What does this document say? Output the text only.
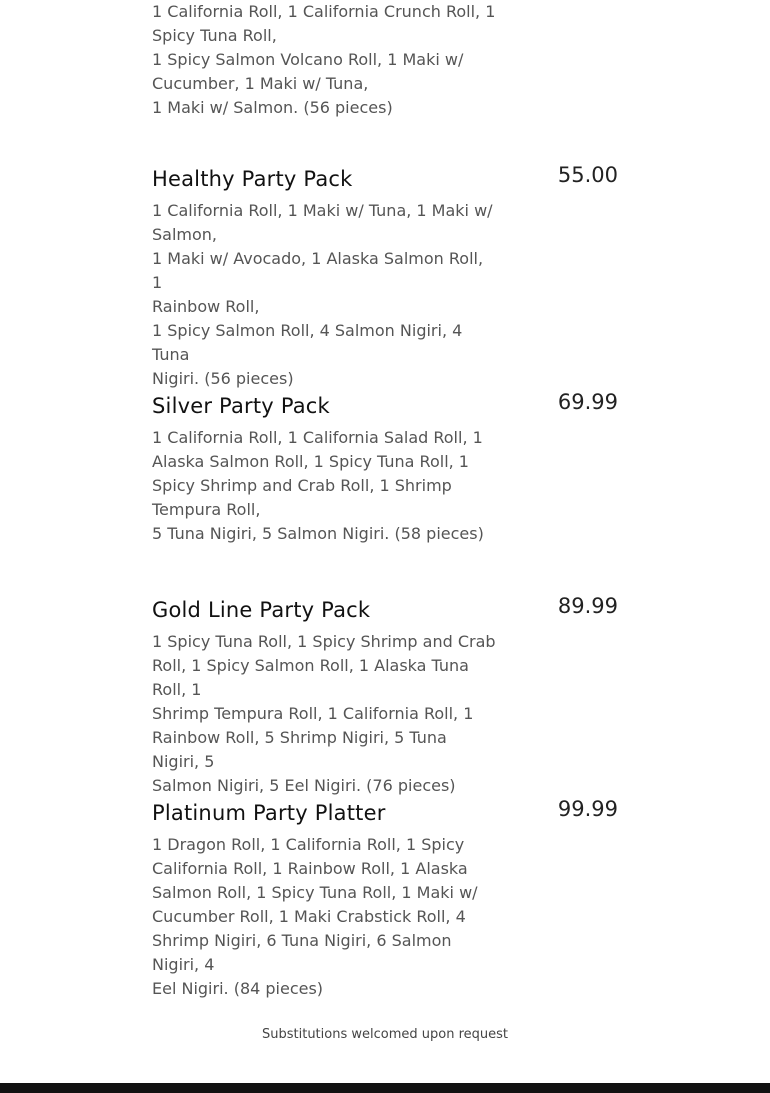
1 California Roll, 1 California Crunch Roll, 1
Spicy Tuna Roll,
1 Spicy Salmon Volcano Roll, 1 Maki w/
Cucumber, 1 Maki w/ Tuna,
1 Maki w/ Salmon. (56 pieces)
Healthy Party Pack	55.00
1 California Roll, 1 Maki w/ Tuna, 1 Maki w/
Salmon,
1 Maki w/ Avocado, 1 Alaska Salmon Roll, 1
Rainbow Roll,
1 Spicy Salmon Roll, 4 Salmon Nigiri, 4 Tuna
Nigiri. (56 pieces)
Silver Party Pack	69.99
1 California Roll, 1 California Salad Roll, 1
Alaska Salmon Roll, 1 Spicy Tuna Roll, 1
Spicy Shrimp and Crab Roll, 1 Shrimp
Tempura Roll,
5 Tuna Nigiri, 5 Salmon Nigiri. (58 pieces)
Gold Line Party Pack	89.99
1 Spicy Tuna Roll, 1 Spicy Shrimp and Crab
Roll, 1 Spicy Salmon Roll, 1 Alaska Tuna Roll, 1
Shrimp Tempura Roll, 1 California Roll, 1
Rainbow Roll, 5 Shrimp Nigiri, 5 Tuna Nigiri, 5
Salmon Nigiri, 5 Eel Nigiri. (76 pieces)
Platinum Party Platter	99.99
1 Dragon Roll, 1 California Roll, 1 Spicy
California Roll, 1 Rainbow Roll, 1 Alaska
Salmon Roll, 1 Spicy Tuna Roll, 1 Maki w/
Cucumber Roll, 1 Maki Crabstick Roll, 4
Shrimp Nigiri, 6 Tuna Nigiri, 6 Salmon Nigiri, 4
Eel Nigiri. (84 pieces)
Substitutions welcomed upon request
